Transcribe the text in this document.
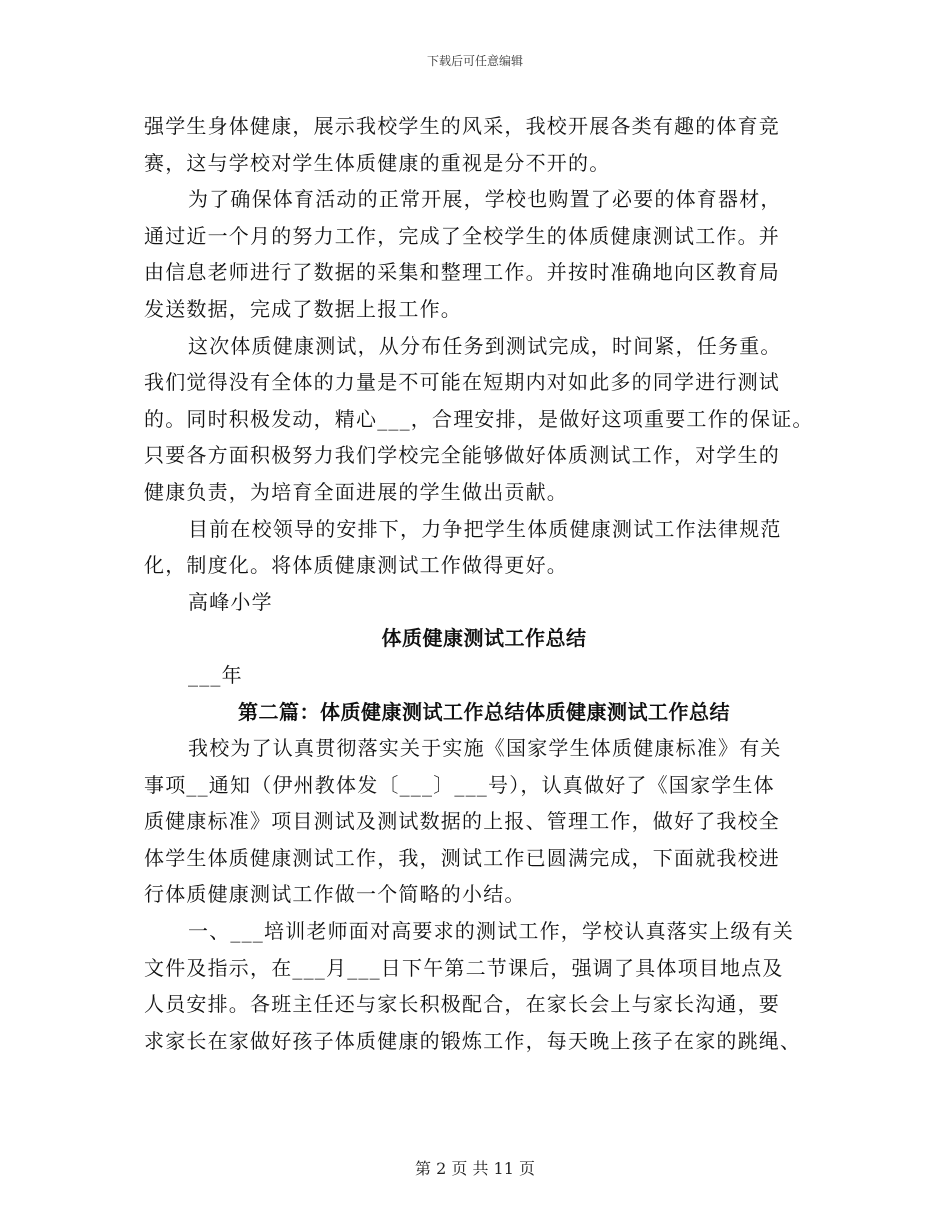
下载后可任意编辑
强学生身体健康，展示我校学生的风采，我校开展各类有趣的体育竞
赛，这与学校对学生体质健康的重视是分不开的。
为了确保体育活动的正常开展，学校也购置了必要的体育器材，
通过近一个月的努力工作，完成了全校学生的体质健康测试工作。并
由信息老师进行了数据的采集和整理工作。并按时准确地向区教育局
发送数据，完成了数据上报工作。
这次体质健康测试，从分布任务到测试完成，时间紧，任务重。
我们觉得没有全体的力量是不可能在短期内对如此多的同学进行测试
的。同时积极发动，精心___，合理安排，是做好这项重要工作的保证。
只要各方面积极努力我们学校完全能够做好体质测试工作，对学生的
健康负责，为培育全面进展的学生做出贡献。
目前在校领导的安排下，力争把学生体质健康测试工作法律规范
化，制度化。将体质健康测试工作做得更好。
高峰小学
体质健康测试工作总结
___年
第二篇：体质健康测试工作总结体质健康测试工作总结
我校为了认真贯彻落实关于实施《国家学生体质健康标准》有关
事项__通知（伊州教体发〔___〕___号），认真做好了《国家学生体
质健康标准》项目测试及测试数据的上报、管理工作，做好了我校全
体学生体质健康测试工作，我，测试工作已圆满完成，下面就我校进
行体质健康测试工作做一个简略的小结。
一、___培训老师面对高要求的测试工作，学校认真落实上级有关
文件及指示，在___月___日下午第二节课后，强调了具体项目地点及
人员安排。各班主任还与家长积极配合，在家长会上与家长沟通，要
求家长在家做好孩子体质健康的锻炼工作，每天晚上孩子在家的跳绳、
第 2 页 共 11 页
